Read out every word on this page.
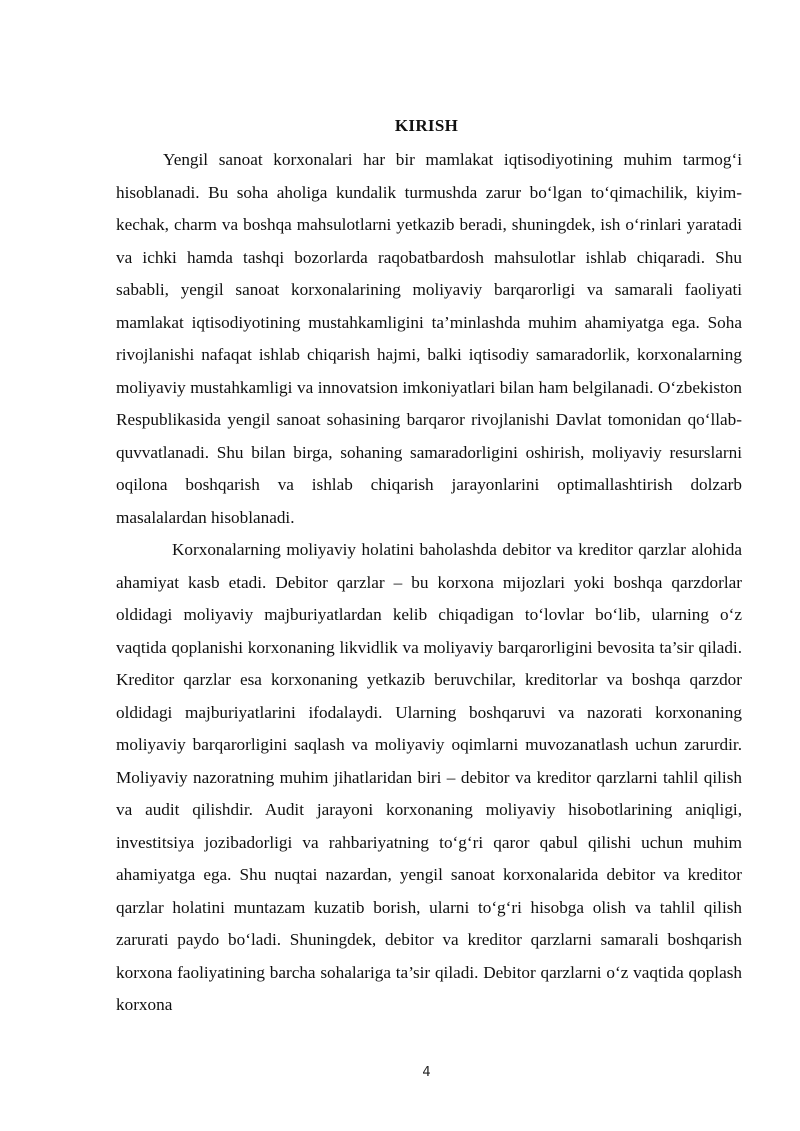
KIRISH

Yengil sanoat korxonalari har bir mamlakat iqtisodiyotining muhim tarmog‘i hisoblanadi. Bu soha aholiga kundalik turmushda zarur bo‘lgan to‘qimachilik, kiyim-kechak, charm va boshqa mahsulotlarni yetkazib beradi, shuningdek, ish o‘rinlari yaratadi va ichki hamda tashqi bozorlarda raqobatbardosh mahsulotlar ishlab chiqaradi. Shu sababli, yengil sanoat korxonalarining moliyaviy barqarorligi va samarali faoliyati mamlakat iqtisodiyotining mustahkamligini ta’minlashda muhim ahamiyatga ega. Soha rivojlanishi nafaqat ishlab chiqarish hajmi, balki iqtisodiy samaradorlik, korxonalarning moliyaviy mustahkamligi va innovatsion imkoniyatlari bilan ham belgilanadi. O‘zbekiston Respublikasida yengil sanoat sohasining barqaror rivojlanishi Davlat tomonidan qo‘llab-quvvatlanadi. Shu bilan birga, sohaning samaradorligini oshirish, moliyaviy resurslarni oqilona boshqarish va ishlab chiqarish jarayonlarini optimallashtirish dolzarb masalalardan hisoblanadi.

Korxonalarning moliyaviy holatini baholashda debitor va kreditor qarzlar alohida ahamiyat kasb etadi. Debitor qarzlar – bu korxona mijozlari yoki boshqa qarzdorlar oldidagi moliyaviy majburiyatlardan kelib chiqadigan to‘lovlar bo‘lib, ularning o‘z vaqtida qoplanishi korxonaning likvidlik va moliyaviy barqarorligini bevosita ta’sir qiladi. Kreditor qarzlar esa korxonaning yetkazib beruvchilar, kreditorlar va boshqa qarzdor oldidagi majburiyatlarini ifodalaydi. Ularning boshqaruvi va nazorati korxonaning moliyaviy barqarorligini saqlash va moliyaviy oqimlarni muvozanatlash uchun zarurdir. Moliyaviy nazoratning muhim jihatlaridan biri – debitor va kreditor qarzlarni tahlil qilish va audit qilishdir. Audit jarayoni korxonaning moliyaviy hisobotlarining aniqligi, investitsiya jozibadorligi va rahbariyatning to‘g‘ri qaror qabul qilishi uchun muhim ahamiyatga ega. Shu nuqtai nazardan, yengil sanoat korxonalarida debitor va kreditor qarzlar holatini muntazam kuzatib borish, ularni to‘g‘ri hisobga olish va tahlil qilish zarurati paydo bo‘ladi. Shuningdek, debitor va kreditor qarzlarni samarali boshqarish korxona faoliyatining barcha sohalariga ta’sir qiladi. Debitor qarzlarni o‘z vaqtida qoplash korxona

4
